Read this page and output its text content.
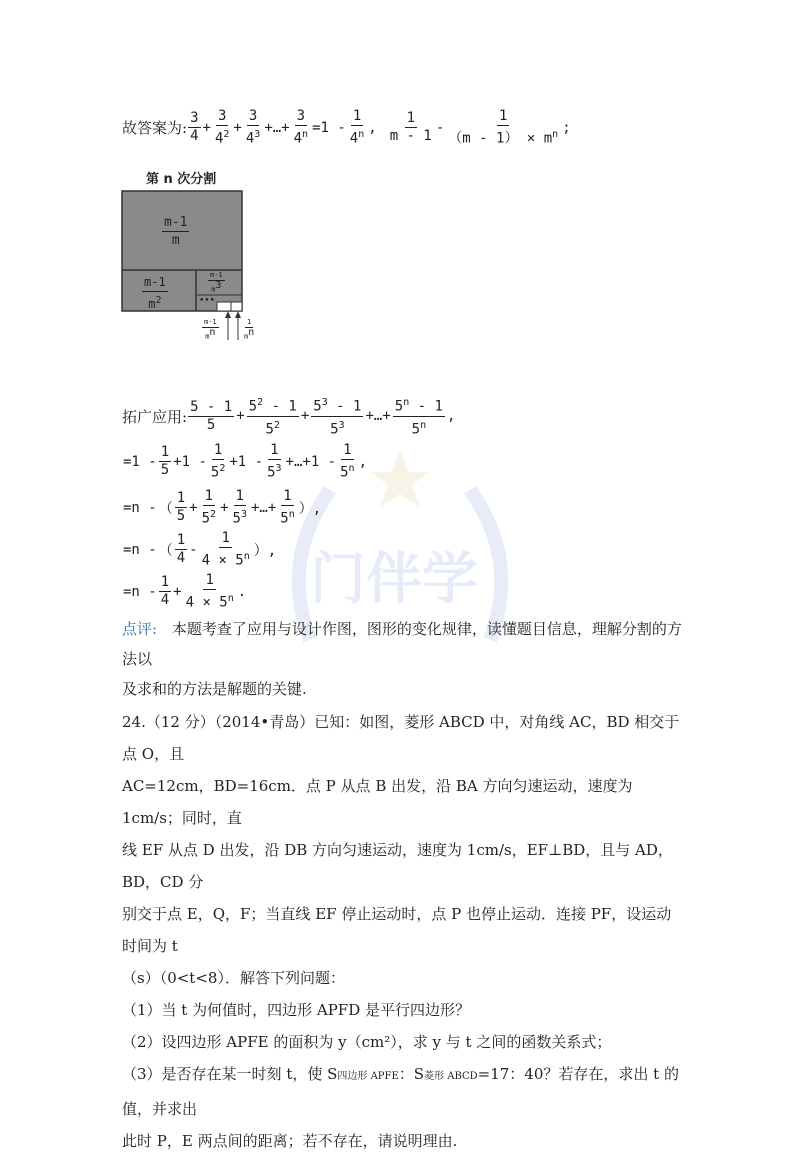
门伴学
故答案为: $\frac{3}{4} + \frac{3}{4^2} + \frac{3}{4^3}$ +…+ $\frac{3}{4^n} =1 - \frac{1}{4^n}$ , $\frac{1}{m - 1} - \frac{1}{(m - 1) \times m^n}$ ;
第 n 次分割
$\frac{m-1}{m}$
$\frac{m-1}{m^2}$	$\frac{m-1}{m^3}$
•••
$\frac{m-1}{m^n}$	$\frac{1}{m^n}$
拓广应用: $\frac{5 - 1}{5} + \frac{5^2 - 1}{5^2} + \frac{5^3 - 1}{5^3}$ +…+ $\frac{5^n - 1}{5^n}$ ,
$=1 - \frac{1}{5} +1 - \frac{1}{5^2} +1 - \frac{1}{5^3}$ +…+1 - $\frac{1}{5^n}$ ,
=n - （ $\frac{1}{5} + \frac{1}{5^2} + \frac{1}{5^3}$ +…+ $\frac{1}{5^n}$ ）,
=n - （ $\frac{1}{4} - \frac{1}{4 \times 5^n}$ ）,
$=n - \frac{1}{4} + \frac{1}{4 \times 5^n}$ .
点评: 本题考查了应用与设计作图，图形的变化规律，读懂题目信息，理解分割的方法以
及求和的方法是解题的关键.
24.（12 分）（2014•青岛）已知：如图，菱形 ABCD 中，对角线 AC，BD 相交于点 O，且
AC=12cm，BD=16cm．点 P 从点 B 出发，沿 BA 方向匀速运动，速度为 1cm/s；同时，直
线 EF 从点 D 出发，沿 DB 方向匀速运动，速度为 1cm/s，EF⊥BD，且与 AD，BD，CD 分
别交于点 E，Q，F；当直线 EF 停止运动时，点 P 也停止运动．连接 PF，设运动时间为 t
（s）（0<t<8）．解答下列问题：
（1）当 t 为何值时，四边形 APFD 是平行四边形？
（2）设四边形 APFE 的面积为 y（cm²），求 y 与 t 之间的函数关系式；
（3）是否存在某一时刻 t，使 S四边形 APFE：S菱形 ABCD=17：40？若存在，求出 t 的值，并求出
此时 P，E 两点间的距离；若不存在，请说明理由.
